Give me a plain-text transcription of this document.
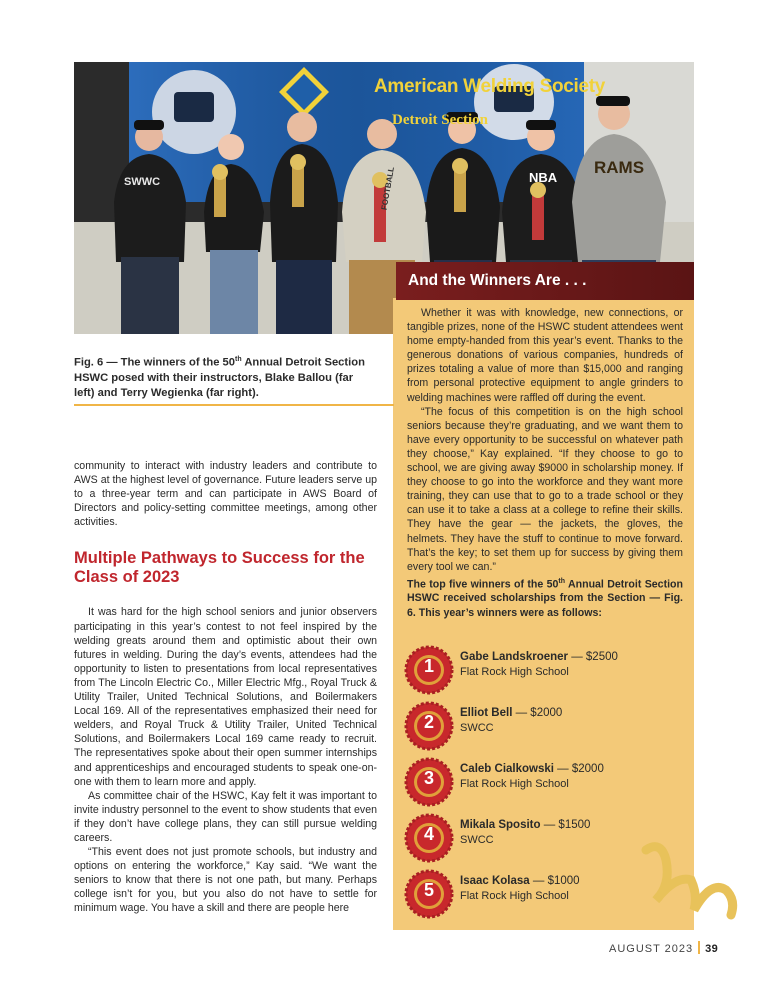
American Welding Society
Detroit Section
SWWC	NBA
RAMS
FOOTBALL
And the Winners Are . . .

Whether it was with knowledge, new connections, or tangible prizes, none of the HSWC student attendees went home empty-handed from this year’s event. Thanks to the generous donations of various companies, hundreds of prizes totaling a value of more than $15,000 and ranging from personal protective equipment to angle grinders to welding machines were raffled off during the event.

“The focus of this competition is on the high school seniors because they’re graduating, and we want them to have every opportunity to be successful on whatever path they choose,” Kay explained. “If they choose to go to school, we are giving away $9000 in scholarship money. If they choose to go into the workforce and they want more training, they can use that to go to a trade school or they can use it to take a class at a college to refine their skills. They have the gear — the jackets, the gloves, the helmets. They have the stuff to continue to move forward. That’s the key; to set them up for success by giving them every tool we can.”

The top five winners of the 50th Annual Detroit Section HSWC received scholarships from the Section — Fig. 6. This year’s winners were as follows:

1	Gabe Landskroener — $2500
Flat Rock High School
2	Elliot Bell — $2000
SWCC
3	Caleb Cialkowski — $2000
Flat Rock High School
4	Mikala Sposito — $1500
SWCC
5	Isaac Kolasa — $1000
Flat Rock High School
Fig. 6 — The winners of the 50th Annual Detroit Section HSWC posed with their instructors, Blake Ballou (far left) and Terry Wegienka (far right).

community to interact with industry leaders and contribute to AWS at the highest level of governance. Future leaders serve up to a three-year term and can participate in AWS Board of Directors and policy-setting committee meetings, among other activities.

Multiple Pathways to Success for the Class of 2023

It was hard for the high school seniors and junior observers participating in this year’s contest to not feel inspired by the welding greats around them and optimistic about their own futures in welding. During the day’s events, attendees had the opportunity to listen to presentations from local representatives from The Lincoln Electric Co., Miller Electric Mfg., Royal Truck & Utility Trailer, United Technical Solutions, and Boilermakers Local 169. All of the representatives emphasized their need for welders, and Royal Truck & Utility Trailer, United Technical Solutions, and Boilermakers Local 169 came ready to recruit. The representatives spoke about their open summer internships and apprenticeships and encouraged students to speak one-on-one with them to learn more and apply.

As committee chair of the HSWC, Kay felt it was important to invite industry personnel to the event to show students that even if they don’t have college plans, they can still pursue welding careers.

“This event does not just promote schools, but industry and options on entering the workforce,” Kay said. “We want the seniors to know that there is not one path, but many. Perhaps college isn’t for you, but you also do not have to settle for minimum wage. You have a skill and there are people here

AUGUST 2023 39
